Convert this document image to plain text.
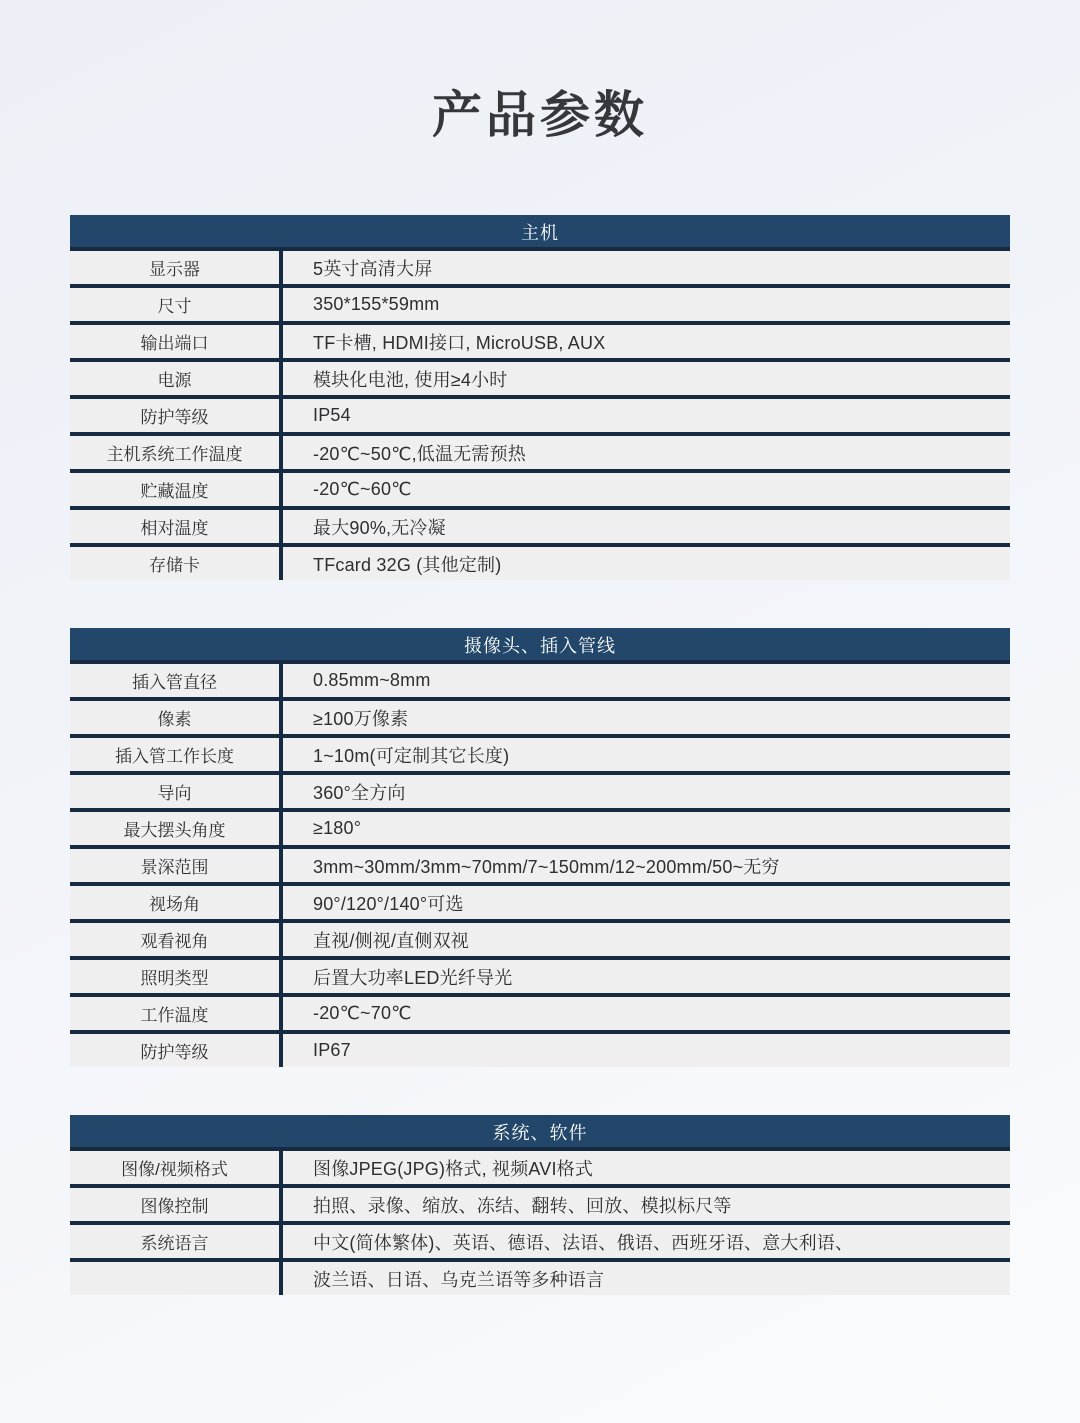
产品参数
主机
显示器	5英寸高清大屏
尺寸	350*155*59mm
输出端口	TF卡槽, HDMI接口, MicroUSB, AUX
电源	模块化电池, 使用≥4小时
防护等级	IP54
主机系统工作温度	-20℃~50℃,低温无需预热
贮藏温度	-20℃~60℃
相对温度	最大90%,无冷凝
存储卡	TFcard 32G (其他定制)
摄像头、插入管线
插入管直径	0.85mm~8mm
像素	≥100万像素
插入管工作长度	1~10m(可定制其它长度)
导向	360°全方向
最大摆头角度	≥180°
景深范围	3mm~30mm/3mm~70mm/7~150mm/12~200mm/50~无穷
视场角	90°/120°/140°可选
观看视角	直视/侧视/直侧双视
照明类型	后置大功率LED光纤导光
工作温度	-20℃~70℃
防护等级	IP67
系统、软件
图像/视频格式	图像JPEG(JPG)格式, 视频AVI格式
图像控制	拍照、录像、缩放、冻结、翻转、回放、模拟标尺等
系统语言	中文(简体繁体)、英语、德语、法语、俄语、西班牙语、意大利语、
波兰语、日语、乌克兰语等多种语言
